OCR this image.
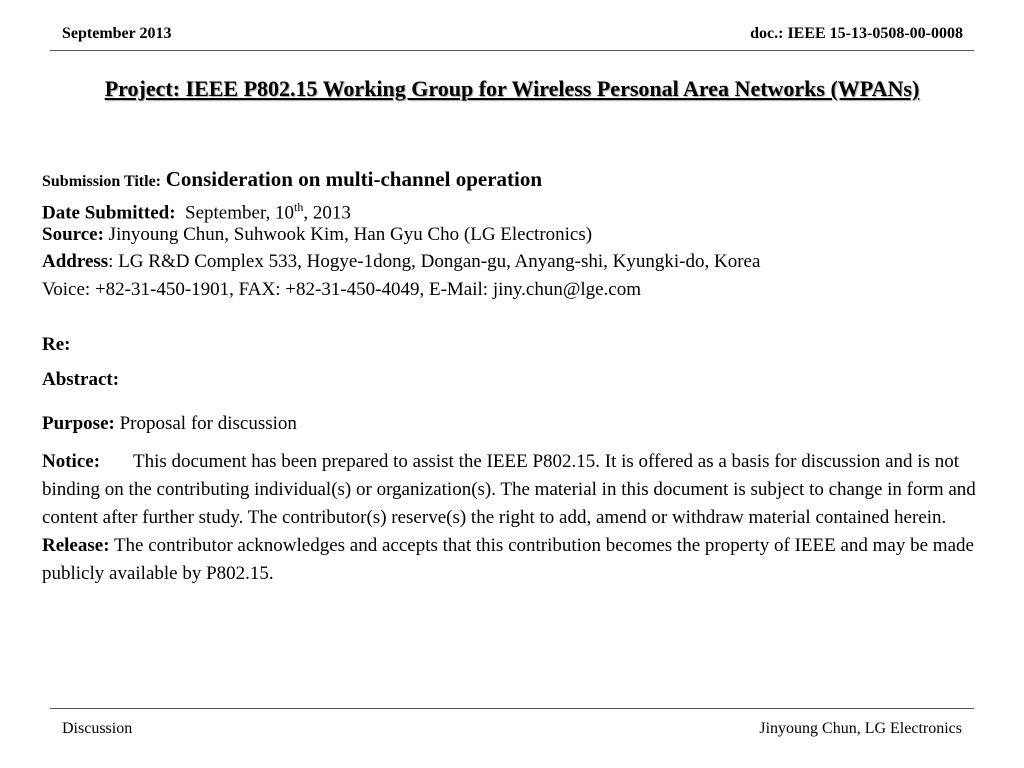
September 2013	doc.: IEEE 15-13-0508-00-0008
Project: IEEE P802.15 Working Group for Wireless Personal Area Networks (WPANs)
Submission Title: Consideration on multi-channel operation
Date Submitted: September, 10th, 2013
Source: Jinyoung Chun, Suhwook Kim, Han Gyu Cho (LG Electronics)
Address: LG R&D Complex 533, Hogye-1dong, Dongan-gu, Anyang-shi, Kyungki-do, Korea
Voice: +82-31-450-1901, FAX: +82-31-450-4049, E-Mail: jiny.chun@lge.com
Re:
Abstract:
Purpose: Proposal for discussion
Notice: This document has been prepared to assist the IEEE P802.15. It is offered as a basis for discussion and is not binding on the contributing individual(s) or organization(s). The material in this document is subject to change in form and content after further study. The contributor(s) reserve(s) the right to add, amend or withdraw material contained herein.
Release: The contributor acknowledges and accepts that this contribution becomes the property of IEEE and may be made publicly available by P802.15.
Discussion	Jinyoung Chun, LG Electronics
